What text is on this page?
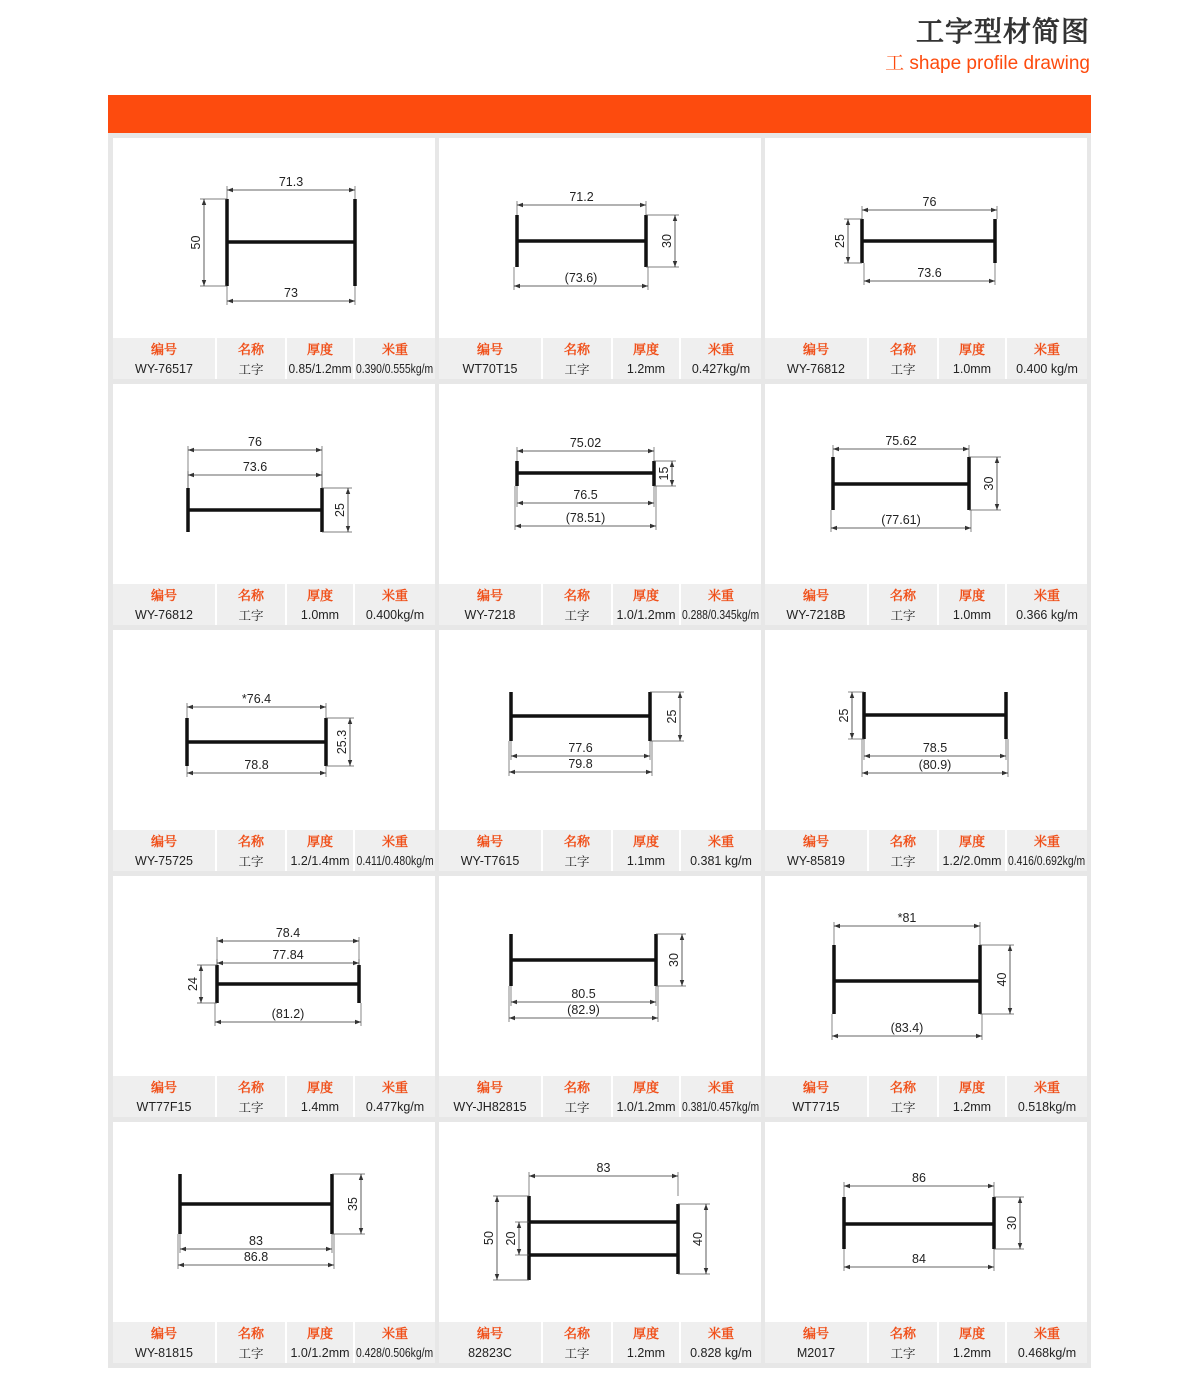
工字型材简图
工 shape profile drawing
71.3
73
50
编号
WY-76517
名称
工字
厚度
0.85/1.2mm
米重
0.390/0.555kg/m
71.2
(73.6)
30
编号
WT70T15
名称
工字
厚度
1.2mm
米重
0.427kg/m
76
73.6
25
编号
WY-76812
名称
工字
厚度
1.0mm
米重
0.400 kg/m
76
73.6
25
编号
WY-76812
名称
工字
厚度
1.0mm
米重
0.400kg/m
75.02
76.5
(78.51)
15
编号
WY-7218
名称
工字
厚度
1.0/1.2mm
米重
0.288/0.345kg/m
75.62
(77.61)
30
编号
WY-7218B
名称
工字
厚度
1.0mm
米重
0.366 kg/m
*76.4
78.8
25.3
编号
WY-75725
名称
工字
厚度
1.2/1.4mm
米重
0.411/0.480kg/m
77.6
79.8
25
编号
WY-T7615
名称
工字
厚度
1.1mm
米重
0.381 kg/m
25
78.5
(80.9)
编号
WY-85819
名称
工字
厚度
1.2/2.0mm
米重
0.416/0.692kg/m
78.4
77.84
(81.2)
24
编号
WT77F15
名称
工字
厚度
1.4mm
米重
0.477kg/m
30
80.5
(82.9)
编号
WY-JH82815
名称
工字
厚度
1.0/1.2mm
米重
0.381/0.457kg/m
*81
40
(83.4)
编号
WT7715
名称
工字
厚度
1.2mm
米重
0.518kg/m
35
83
86.8
编号
WY-81815
名称
工字
厚度
1.0/1.2mm
米重
0.428/0.506kg/m
83
50 20	40
编号
82823C
名称
工字
厚度
1.2mm
米重
0.828 kg/m
86
84
30
编号
M2017
名称
工字
厚度
1.2mm
米重
0.468kg/m
